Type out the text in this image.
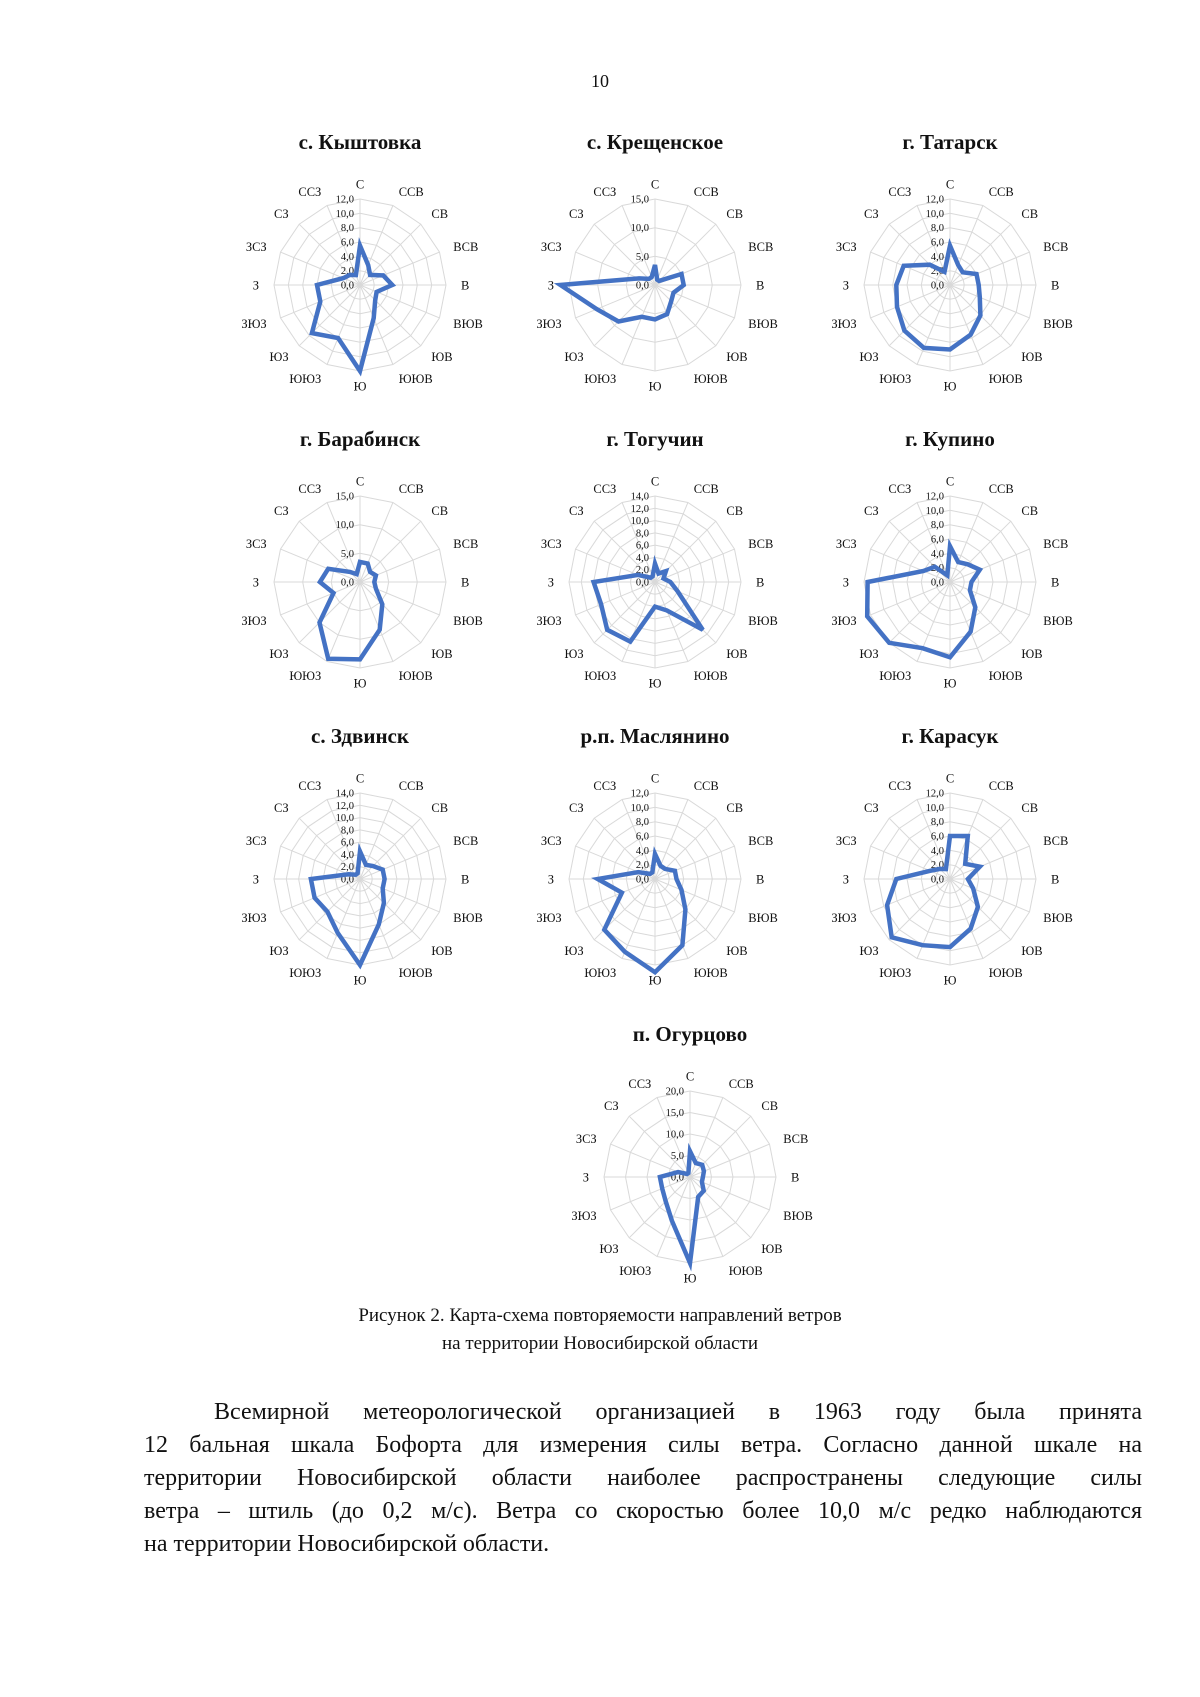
10
с. Кыштовка
0,0
2,0
4,0
6,0
8,0
10,0
12,0
С
ССВ
СВ
ВСВ
В
ВЮВ
ЮВ
ЮЮВ
Ю
ЮЮЗ
ЮЗ
ЗЮЗ
З
ЗСЗ
СЗ
ССЗ
с. Крещенское
0,0
5,0
10,0
15,0
С
ССВ
СВ
ВСВ
В
ВЮВ
ЮВ
ЮЮВ
Ю
ЮЮЗ
ЮЗ
ЗЮЗ
З
ЗСЗ
СЗ
ССЗ
г. Татарск
0,0
2,0
4,0
6,0
8,0
10,0
12,0
С
ССВ
СВ
ВСВ
В
ВЮВ
ЮВ
ЮЮВ
Ю
ЮЮЗ
ЮЗ
ЗЮЗ
З
ЗСЗ
СЗ
ССЗ
г. Барабинск
0,0
5,0
10,0
15,0
С
ССВ
СВ
ВСВ
В
ВЮВ
ЮВ
ЮЮВ
Ю
ЮЮЗ
ЮЗ
ЗЮЗ
З
ЗСЗ
СЗ
ССЗ
г. Тогучин
0,0
2,0
4,0
6,0
8,0
10,0
12,0
14,0
С
ССВ
СВ
ВСВ
В
ВЮВ
ЮВ
ЮЮВ
Ю
ЮЮЗ
ЮЗ
ЗЮЗ
З
ЗСЗ
СЗ
ССЗ
г. Купино
0,0
2,0
4,0
6,0
8,0
10,0
12,0
С
ССВ
СВ
ВСВ
В
ВЮВ
ЮВ
ЮЮВ
Ю
ЮЮЗ
ЮЗ
ЗЮЗ
З
ЗСЗ
СЗ
ССЗ
с. Здвинск
0,0
2,0
4,0
6,0
8,0
10,0
12,0
14,0
С
ССВ
СВ
ВСВ
В
ВЮВ
ЮВ
ЮЮВ
Ю
ЮЮЗ
ЮЗ
ЗЮЗ
З
ЗСЗ
СЗ
ССЗ
р.п. Маслянино
0,0
2,0
4,0
6,0
8,0
10,0
12,0
С
ССВ
СВ
ВСВ
В
ВЮВ
ЮВ
ЮЮВ
Ю
ЮЮЗ
ЮЗ
ЗЮЗ
З
ЗСЗ
СЗ
ССЗ
г. Карасук
0,0
2,0
4,0
6,0
8,0
10,0
12,0
С
ССВ
СВ
ВСВ
В
ВЮВ
ЮВ
ЮЮВ
Ю
ЮЮЗ
ЮЗ
ЗЮЗ
З
ЗСЗ
СЗ
ССЗ
п. Огурцово
0,0
5,0
10,0
15,0
20,0
С
ССВ
СВ
ВСВ
В
ВЮВ
ЮВ
ЮЮВ
Ю
ЮЮЗ
ЮЗ
ЗЮЗ
З
ЗСЗ
СЗ
ССЗ
Рисунок 2. Карта-схема повторяемости направлений ветров
на территории Новосибирской области
Всемирной метеорологической организацией в 1963 году была принята
12 бальная шкала Бофорта для измерения силы ветра. Согласно данной шкале на
территории Новосибирской области наиболее распространены следующие силы
ветра – штиль (до 0,2 м/с). Ветра со скоростью более 10,0 м/с редко наблюдаются
на территории Новосибирской области.
